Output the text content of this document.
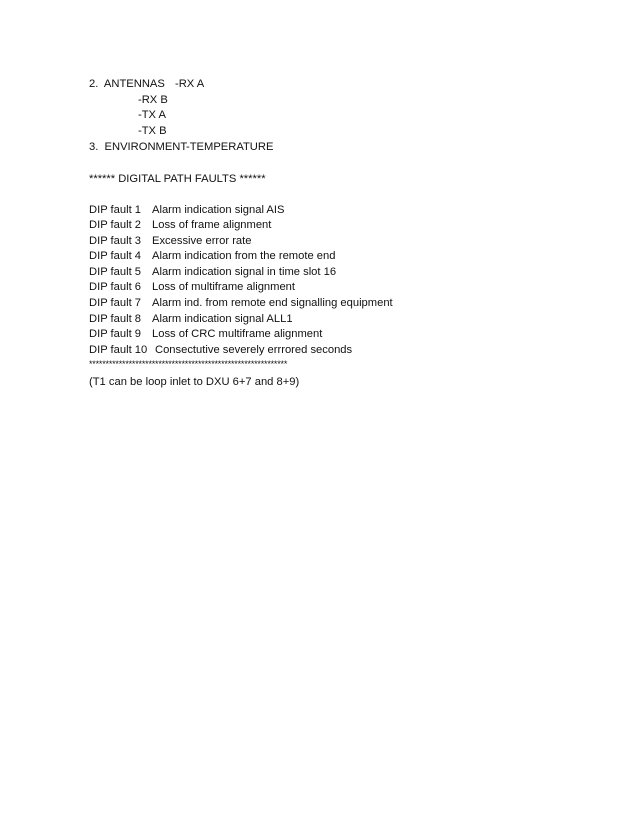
2.  ANTENNAS -RX A
-RX B
-TX A
-TX B
3.  ENVIRONMENT
-TEMPERATURE
****** DIGITAL PATH FAULTS ******
DIP fault 1 Alarm indication signal AIS
DIP fault 2 Loss of frame alignment
DIP fault 3 Excessive error rate
DIP fault 4 Alarm indication from the remote end
DIP fault 5 Alarm indication signal in time slot 16
DIP fault 6 Loss of multiframe alignment
DIP fault 7 Alarm ind. from remote end signalling equipment
DIP fault 8 Alarm indication signal ALL1
DIP fault 9 Loss of CRC multiframe alignment
DIP fault 10 Consectutive severely errrored seconds
************************************************************
(T1 can be loop inlet to DXU 6+7 and 8+9)
